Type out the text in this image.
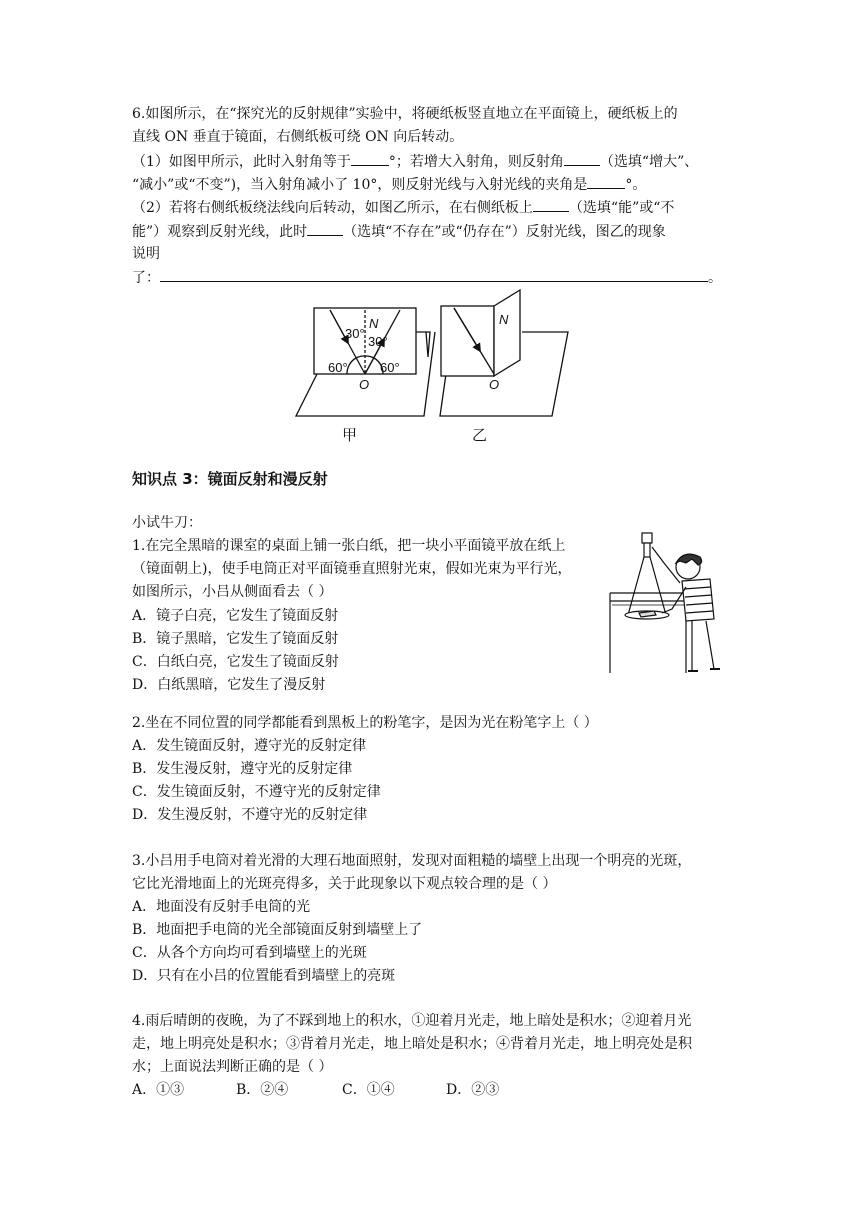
6.如图所示，在“探究光的反射规律”实验中，将硬纸板竖直地立在平面镜上，硬纸板上的
直线 ON 垂直于镜面，右侧纸板可绕 ON 向后转动。
（1）如图甲所示，此时入射角等于	°；若增大入射角，则反射角	（选填“增大”、
“减小”或“不变”)，当入射角减小了 10°，则反射光线与入射光线的夹角是	°。
（2）若将右侧纸板绕法线向后转动，如图乙所示，在右侧纸板上	（选填“能”或“不
能”）观察到反射光线，此时	（选填“不存在”或“仍存在”）反射光线，图乙的现象
说明
了：	。
30°
30°
60° 60°
N
O
N
O
甲	乙
知识点 3：镜面反射和漫反射
小试牛刀：
1.在完全黑暗的课室的桌面上铺一张白纸，把一块小平面镜平放在纸上
（镜面朝上)，使手电筒正对平面镜垂直照射光束，假如光束为平行光，
如图所示，小吕从侧面看去（ ）
A．镜子白亮，它发生了镜面反射
B．镜子黑暗，它发生了镜面反射
C．白纸白亮，它发生了镜面反射
D．白纸黑暗，它发生了漫反射
2.坐在不同位置的同学都能看到黑板上的粉笔字，是因为光在粉笔字上（ ）
A．发生镜面反射，遵守光的反射定律
B．发生漫反射，遵守光的反射定律
C．发生镜面反射，不遵守光的反射定律
D．发生漫反射，不遵守光的反射定律
3.小吕用手电筒对着光滑的大理石地面照射，发现对面粗糙的墙壁上出现一个明亮的光斑，
它比光滑地面上的光斑亮得多，关于此现象以下观点较合理的是（ ）
A．地面没有反射手电筒的光
B．地面把手电筒的光全部镜面反射到墙壁上了
C．从各个方向均可看到墙壁上的光斑
D．只有在小吕的位置能看到墙壁上的亮斑
4.雨后晴朗的夜晚，为了不踩到地上的积水，①迎着月光走，地上暗处是积水；②迎着月光
走，地上明亮处是积水；③背着月光走，地上暗处是积水；④背着月光走，地上明亮处是积
水；上面说法判断正确的是（ ）
A．①③	B．②④	C．①④	D．②③
